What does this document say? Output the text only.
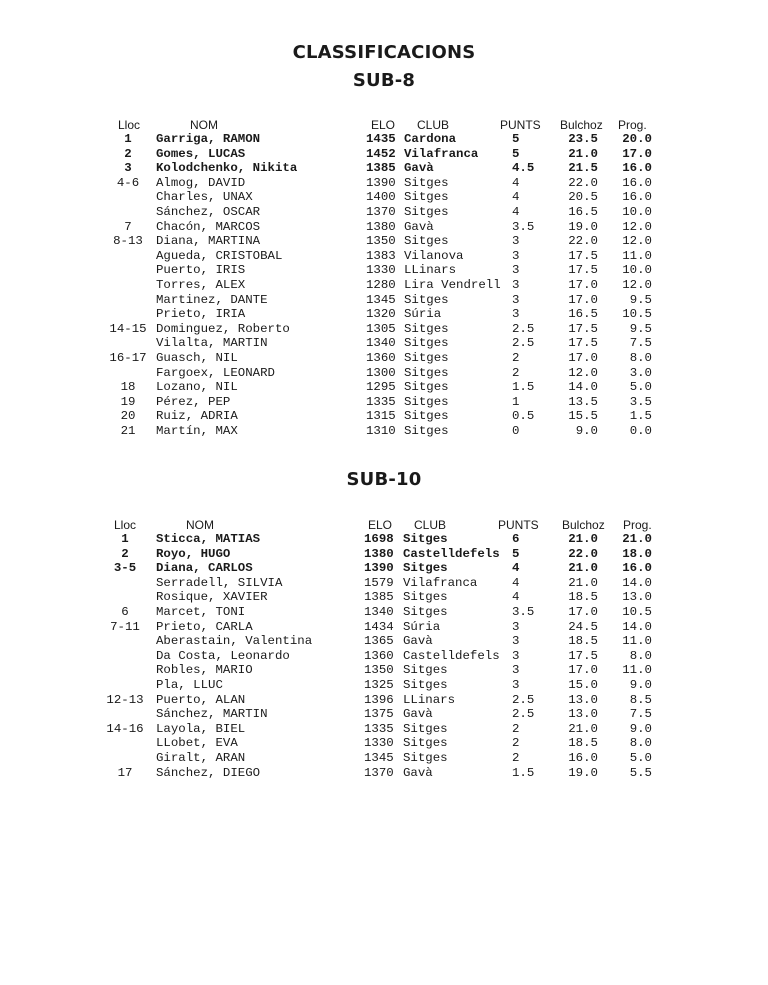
CLASSIFICACIONS
SUB-8
Lloc	NOM	ELO CLUB	PUNTS Bulchoz Prog.
1	Garriga, RAMON	1435 Cardona	5	23.5	20.0
2	Gomes, LUCAS	1452 Vilafranca	5	21.0	17.0
3	Kolodchenko, Nikita	1385 Gavà	4.5	21.5	16.0
4-6	Almog, DAVID	1390 Sitges	4	22.0	16.0
Charles, UNAX	1400 Sitges	4	20.5	16.0
Sánchez, OSCAR	1370 Sitges	4	16.5	10.0
7	Chacón, MARCOS	1380 Gavà	3.5	19.0	12.0
8-13	Diana, MARTINA	1350 Sitges	3	22.0	12.0
Agueda, CRISTOBAL	1383 Vilanova	3	17.5	11.0
Puerto, IRIS	1330 LLinars	3	17.5	10.0
Torres, ALEX	1280 Lira Vendrell 3	17.0	12.0
Martinez, DANTE	1345 Sitges	3	17.0	9.5
Prieto, IRIA	1320 Súria	3	16.5	10.5
14-15 Dominguez, Roberto	1305 Sitges	2.5	17.5	9.5
Vilalta, MARTIN	1340 Sitges	2.5	17.5	7.5
16-17 Guasch, NIL	1360 Sitges	2	17.0	8.0
Fargoex, LEONARD	1300 Sitges	2	12.0	3.0
18	Lozano, NIL	1295 Sitges	1.5	14.0	5.0
19	Pérez, PEP	1335 Sitges	1	13.5	3.5
20	Ruiz, ADRIA	1315 Sitges	0.5	15.5	1.5
21	Martín, MAX	1310 Sitges	0	9.0	0.0
SUB-10
Lloc	NOM	ELO CLUB	PUNTS Bulchoz Prog.
1	Sticca, MATIAS	1698 Sitges	6	21.0	21.0
2	Royo, HUGO	1380 Castelldefels 5	22.0	18.0
3-5	Diana, CARLOS	1390 Sitges	4	21.0	16.0
Serradell, SILVIA	1579 Vilafranca	4	21.0	14.0
Rosique, XAVIER	1385 Sitges	4	18.5	13.0
6	Marcet, TONI	1340 Sitges	3.5	17.0	10.5
7-11	Prieto, CARLA	1434 Súria	3	24.5	14.0
Aberastain, Valentina	1365 Gavà	3	18.5	11.0
Da Costa, Leonardo	1360 Castelldefels 3	17.5	8.0
Robles, MARIO	1350 Sitges	3	17.0	11.0
Pla, LLUC	1325 Sitges	3	15.0	9.0
12-13 Puerto, ALAN	1396 LLinars	2.5	13.0	8.5
Sánchez, MARTIN	1375 Gavà	2.5	13.0	7.5
14-16 Layola, BIEL	1335 Sitges	2	21.0	9.0
LLobet, EVA	1330 Sitges	2	18.5	8.0
Giralt, ARAN	1345 Sitges	2	16.0	5.0
17	Sánchez, DIEGO	1370 Gavà	1.5	19.0	5.5
